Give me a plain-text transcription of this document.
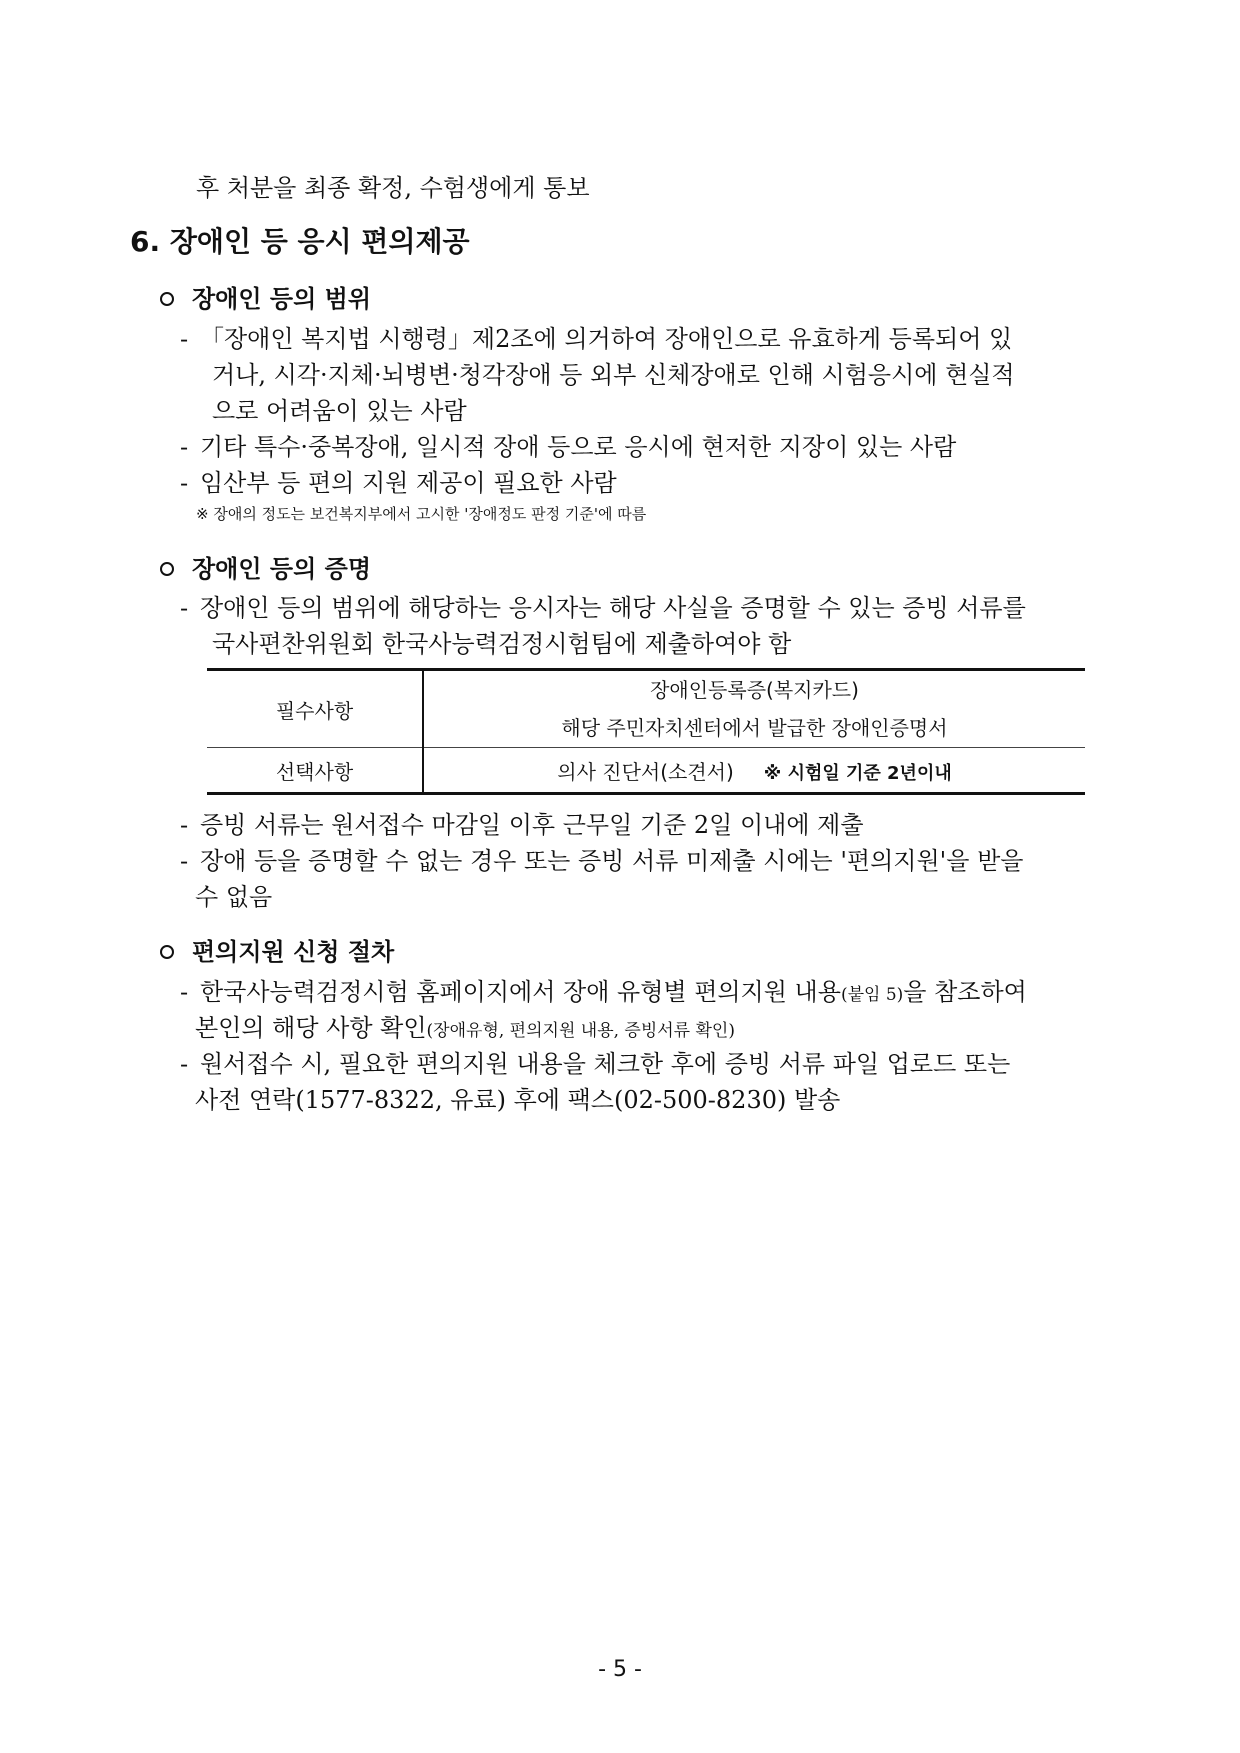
후 처분을 최종 확정, 수험생에게 통보
6. 장애인 등 응시 편의제공
장애인 등의 범위
- 「장애인 복지법 시행령」제2조에 의거하여 장애인으로 유효하게 등록되어 있
거나, 시각·지체·뇌병변·청각장애 등 외부 신체장애로 인해 시험응시에 현실적
으로 어려움이 있는 사람
- 기타 특수·중복장애, 일시적 장애 등으로 응시에 현저한 지장이 있는 사람
- 임산부 등 편의 지원 제공이 필요한 사람
※ 장애의 정도는 보건복지부에서 고시한 '장애정도 판정 기준'에 따름
장애인 등의 증명
- 장애인 등의 범위에 해당하는 응시자는 해당 사실을 증명할 수 있는 증빙 서류를
국사편찬위원회 한국사능력검정시험팀에 제출하여야 함
필수사항	장애인등록증(복지카드)
해당 주민자치센터에서 발급한 장애인증명서

선택사항	의사 진단서(소견서) ※ 시험일 기준 2년이내
- 증빙 서류는 원서접수 마감일 이후 근무일 기준 2일 이내에 제출
- 장애 등을 증명할 수 없는 경우 또는 증빙 서류 미제출 시에는 '편의지원'을 받을
수 없음
편의지원 신청 절차
- 한국사능력검정시험 홈페이지에서 장애 유형별 편의지원 내용(붙임 5)을 참조하여
본인의 해당 사항 확인(장애유형, 편의지원 내용, 증빙서류 확인)
- 원서접수 시, 필요한 편의지원 내용을 체크한 후에 증빙 서류 파일 업로드 또는
사전 연락(1577-8322, 유료) 후에 팩스(02-500-8230) 발송
- 5 -
